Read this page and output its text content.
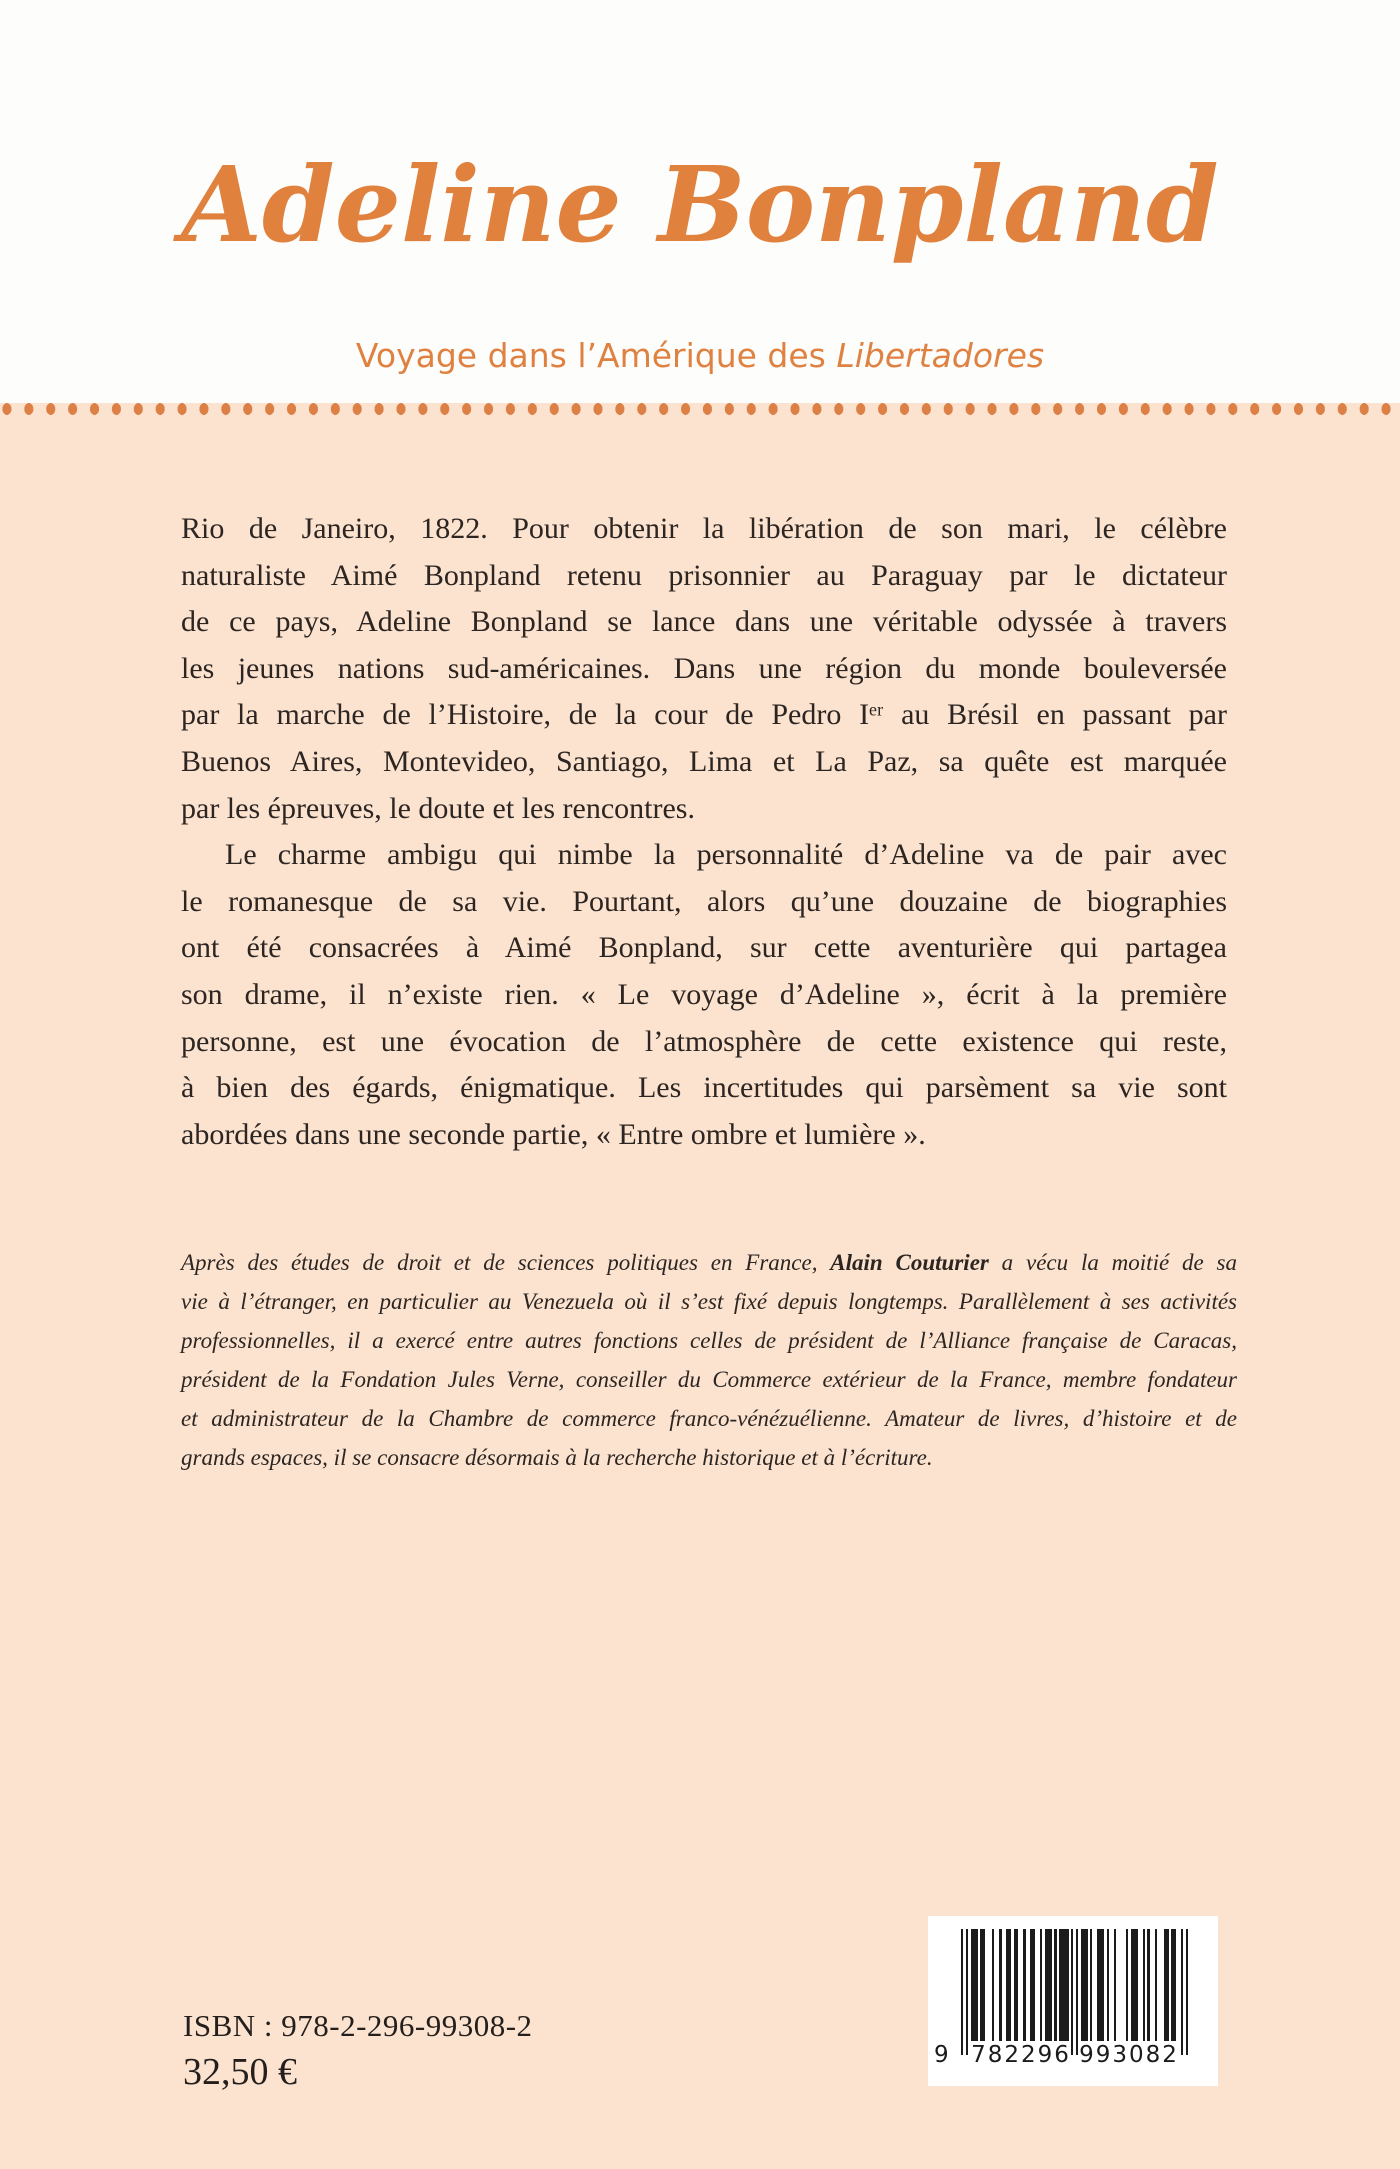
Adeline Bonpland
Voyage dans l’Amérique des Libertadores
Rio de Janeiro, 1822. Pour obtenir la libération de son mari, le célèbre
naturaliste Aimé Bonpland retenu prisonnier au Paraguay par le dictateur
de ce pays, Adeline Bonpland se lance dans une véritable odyssée à travers
les jeunes nations sud-américaines. Dans une région du monde bouleversée
par la marche de l’Histoire, de la cour de Pedro Iᵉʳ au Brésil en passant par
Buenos Aires, Montevideo, Santiago, Lima et La Paz, sa quête est marquée
par les épreuves, le doute et les rencontres.
Le charme ambigu qui nimbe la personnalité d’Adeline va de pair avec
le romanesque de sa vie. Pourtant, alors qu’une douzaine de biographies
ont été consacrées à Aimé Bonpland, sur cette aventurière qui partagea
son drame, il n’existe rien. « Le voyage d’Adeline », écrit à la première
personne, est une évocation de l’atmosphère de cette existence qui reste,
à bien des égards, énigmatique. Les incertitudes qui parsèment sa vie sont
abordées dans une seconde partie, « Entre ombre et lumière ».
Après des études de droit et de sciences politiques en France, Alain Couturier a vécu la moitié de sa
vie à l’étranger, en particulier au Venezuela où il s’est fixé depuis longtemps. Parallèlement à ses activités
professionnelles, il a exercé entre autres fonctions celles de président de l’Alliance française de Caracas,
président de la Fondation Jules Verne, conseiller du Commerce extérieur de la France, membre fondateur
et administrateur de la Chambre de commerce franco-vénézuélienne. Amateur de livres, d’histoire et de
grands espaces, il se consacre désormais à la recherche historique et à l’écriture.
ISBN : 978-2-296-99308-2
32,50 €	9 782296 993082
